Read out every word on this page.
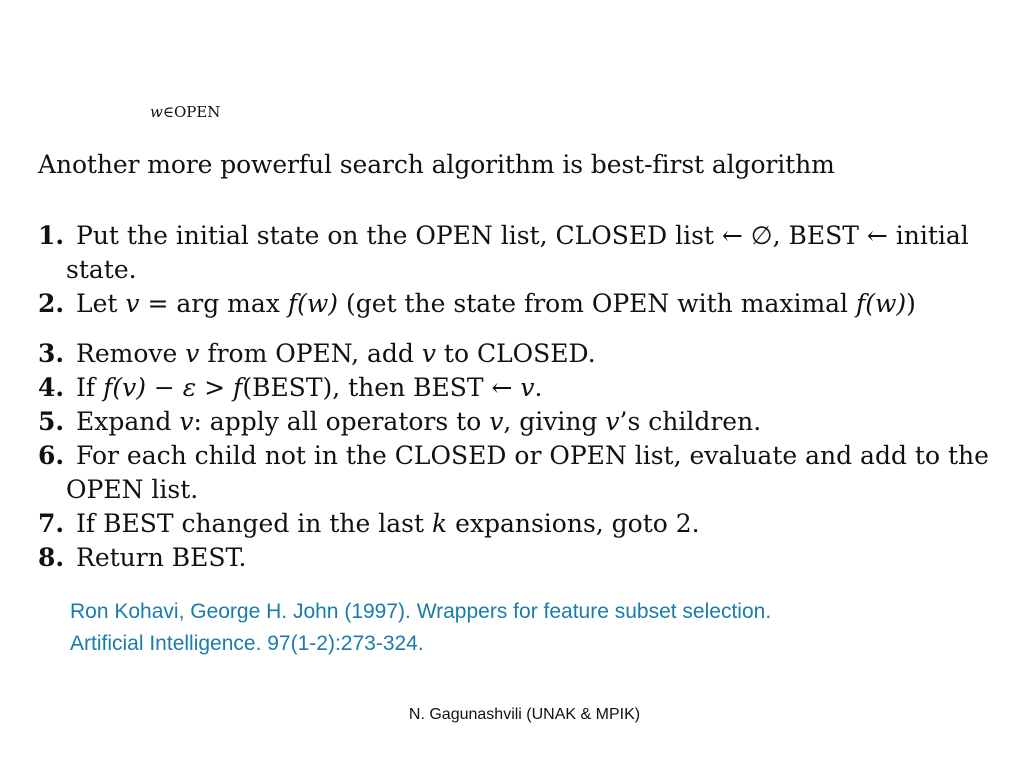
Another more powerful search algorithm is best-first algorithm
1. Put the initial state on the OPEN list, CLOSED list ← ∅, BEST ← initial
state.
2. Let v = arg max f(w) (get the state from OPEN with maximal f(w))
3. Remove v from OPEN, add v to CLOSED.
4. If f(v) − ε > f(BEST), then BEST ← v.
5. Expand v: apply all operators to v, giving v’s children.
6. For each child not in the CLOSED or OPEN list, evaluate and add to the
OPEN list.
7. If BEST changed in the last k expansions, goto 2.
8. Return BEST.
w∈OPEN
Ron Kohavi, George H. John (1997). Wrappers for feature subset selection.
Artificial Intelligence. 97(1-2):273-324.
N. Gagunashvili (UNAK & MPIK)
